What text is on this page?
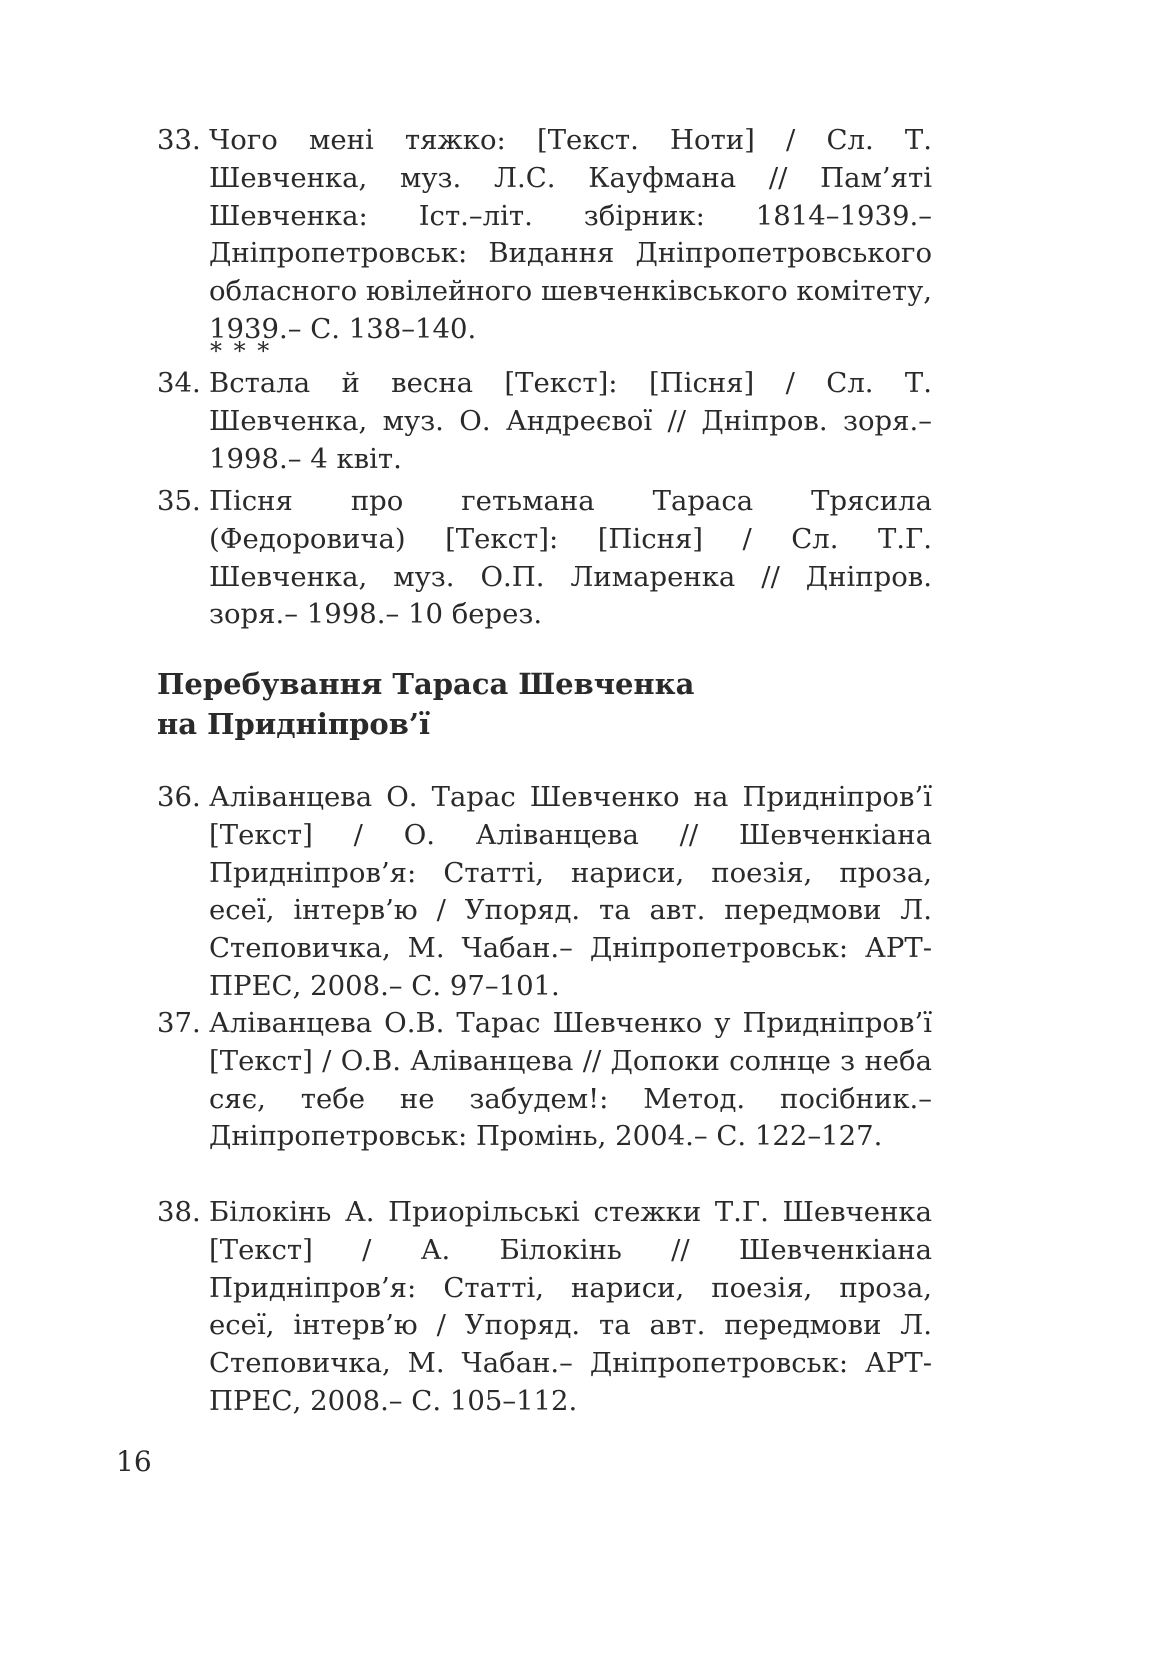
33. Чого мені тяжко: [Текст. Ноти] / Сл. Т. Шевченка, муз. Л.С. Кауфмана // Пам’яті Шевченка: Іст.–літ. збірник: 1814–1939.– Дніпропетровськ: Видання Дніпропетровського обласного ювілейного шевченківського комітету, 1939.– С. 138–140.
* * *
34. Встала й весна [Текст]: [Пісня] / Сл. Т. Шевченка, муз. О. Андреєвої // Дніпров. зоря.– 1998.– 4 квіт.
35. Пісня про гетьмана Тараса Трясила (Федоровича) [Текст]: [Пісня] / Сл. Т.Г. Шевченка, муз. О.П. Лимаренка // Дніпров. зоря.– 1998.– 10 берез.
Перебування Тараса Шевченка
на Придніпров’ї
36. Аліванцева О. Тарас Шевченко на Придніпров’ї [Текст] / О. Аліванцева // Шевченкіана Придніпров’я: Статті, нариси, поезія, проза, есеї, інтерв’ю / Упоряд. та авт. передмови Л. Степовичка, М. Чабан.– Дніпропетровськ: АРТ-ПРЕС, 2008.– С. 97–101.
37. Аліванцева О.В. Тарас Шевченко у Придніпров’ї [Текст] / О.В. Аліванцева // Допоки солнце з неба сяє, тебе не забудем!: Метод. посібник.– Дніпропетровськ: Промінь, 2004.– С. 122–127.
38. Білокінь А. Приорільські стежки Т.Г. Шевченка [Текст] / А. Білокінь // Шевченкіана Придніпров’я: Статті, нариси, поезія, проза, есеї, інтерв’ю / Упоряд. та авт. передмови Л. Степовичка, М. Чабан.– Дніпропетровськ: АРТ-ПРЕС, 2008.– С. 105–112.
16
